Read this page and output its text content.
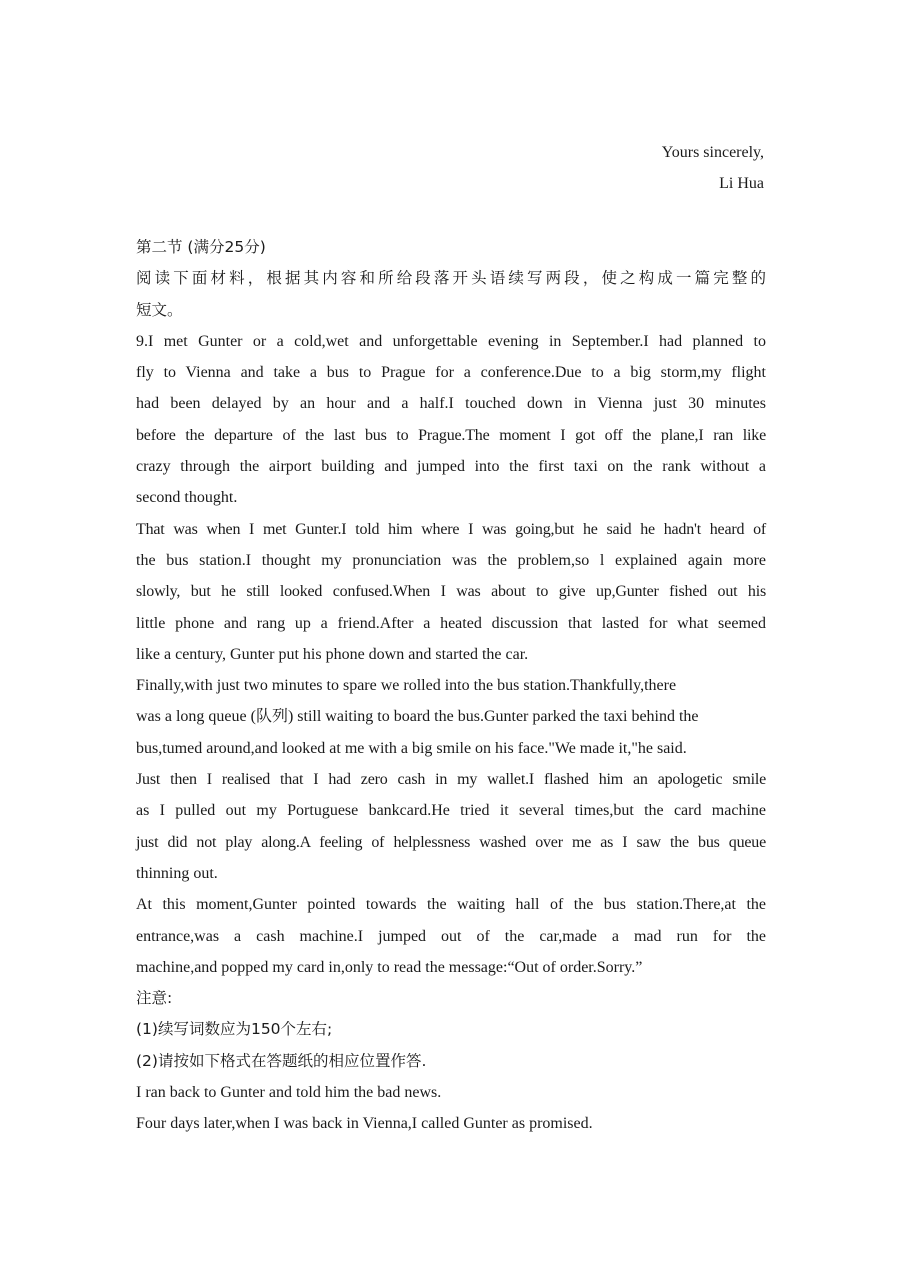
Yours sincerely,
Li Hua
第二节 (满分25分)
阅读下面材料，根据其内容和所给段落开头语续写两段，使之构成一篇完整的
短文。
9.I met Gunter or a cold,wet and unforgettable evening in September.I had planned to
fly to Vienna and take a bus to Prague for a conference.Due to a big storm,my flight
had been delayed by an hour and a half.I touched down in Vienna just 30 minutes
before the departure of the last bus to Prague.The moment I got off the plane,I ran like
crazy through the airport building and jumped into the first taxi on the rank without a
second thought.
That was when I met Gunter.I told him where I was going,but he said he hadn't heard of
the bus station.I thought my pronunciation was the problem,so l explained again more
slowly, but he still looked confused.When I was about to give up,Gunter fished out his
little phone and rang up a friend.After a heated discussion that lasted for what seemed
like a century, Gunter put his phone down and started the car.
Finally,with just two minutes to spare we rolled into the bus station.Thankfully,there
was a long queue (队列) still waiting to board the bus.Gunter parked the taxi behind the
bus,tumed around,and looked at me with a big smile on his face."We made it,"he said.
Just then I realised that I had zero cash in my wallet.I flashed him an apologetic smile
as I pulled out my Portuguese bankcard.He tried it several times,but the card machine
just did not play along.A feeling of helplessness washed over me as I saw the bus queue
thinning out.
At this moment,Gunter pointed towards the waiting hall of the bus station.There,at the
entrance,was a cash machine.I jumped out of the car,made a mad run for the
machine,and popped my card in,only to read the message:“Out of order.Sorry.”
注意:
(1)续写词数应为150个左右;
(2)请按如下格式在答题纸的相应位置作答.
I ran back to Gunter and told him the bad news.
Four days later,when I was back in Vienna,I called Gunter as promised.
